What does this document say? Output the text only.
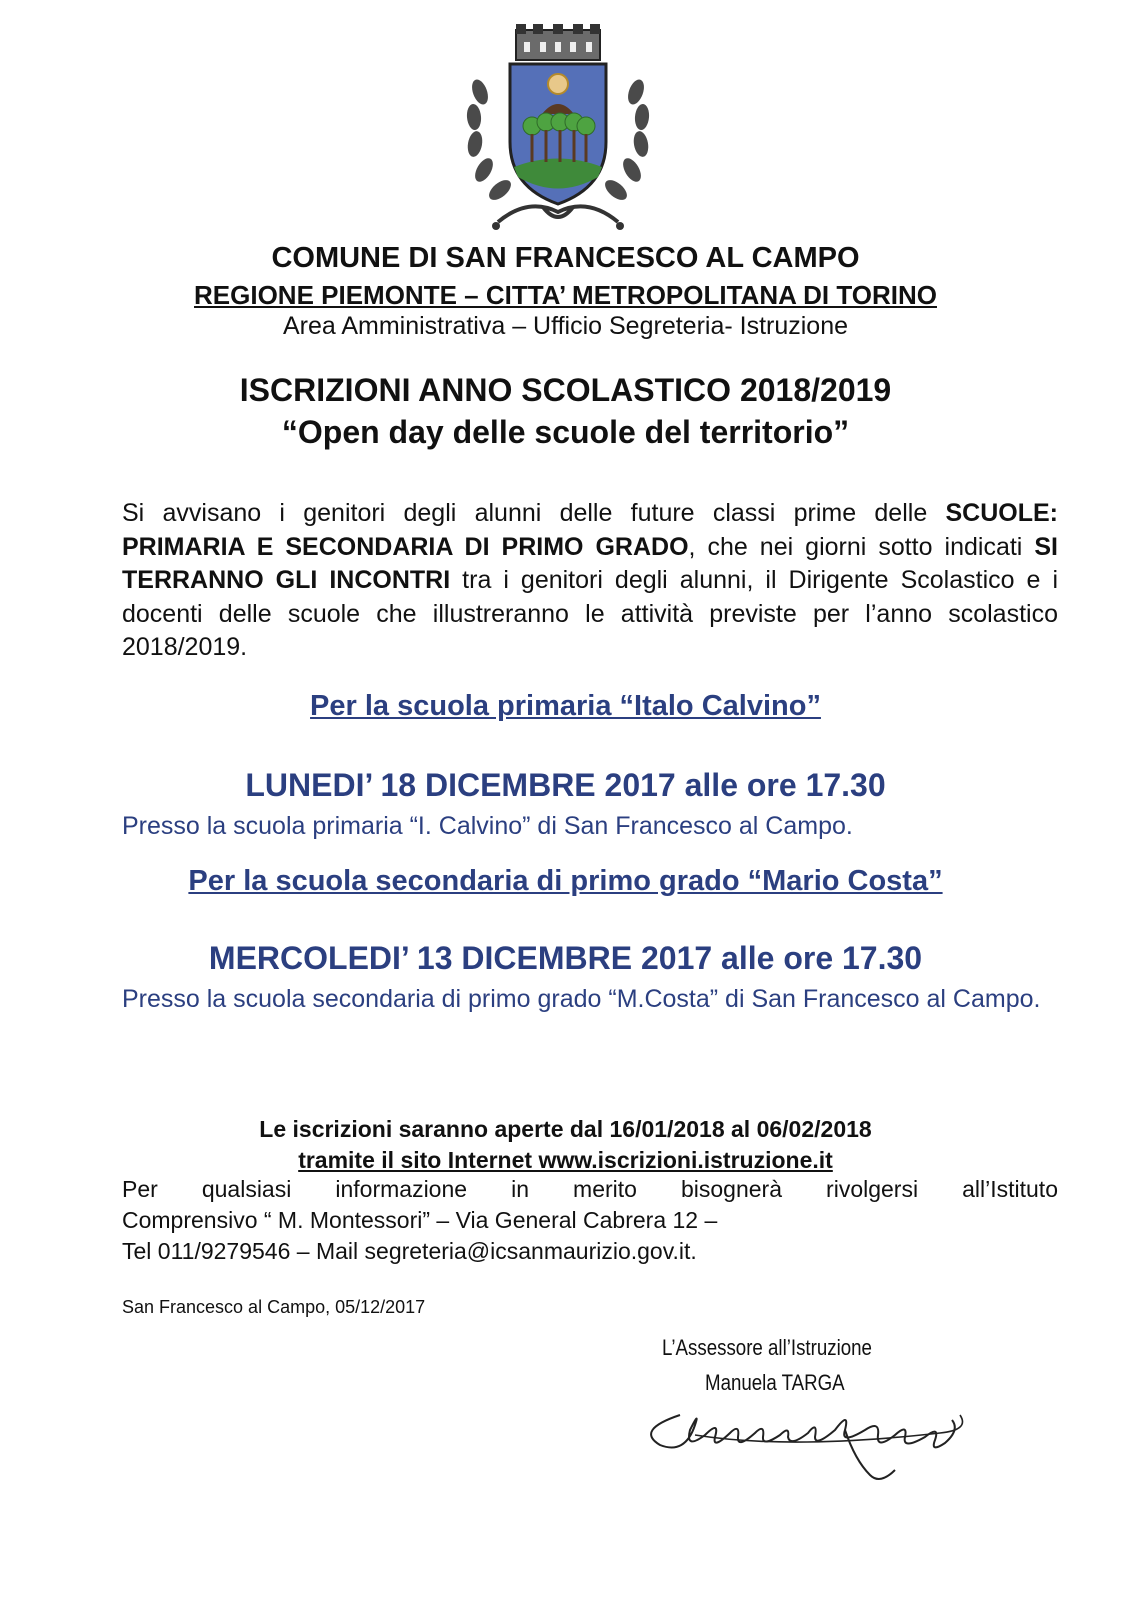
COMUNE DI SAN FRANCESCO AL CAMPO
REGIONE PIEMONTE – CITTA’ METROPOLITANA DI TORINO
Area Amministrativa – Ufficio Segreteria- Istruzione
ISCRIZIONI ANNO SCOLASTICO 2018/2019
“Open day delle scuole del territorio”
Si avvisano i genitori degli alunni delle future classi prime delle SCUOLE: PRIMARIA E SECONDARIA DI PRIMO GRADO, che nei giorni sotto indicati SI TERRANNO GLI INCONTRI tra i genitori degli alunni, il Dirigente Scolastico e i docenti delle scuole che illustreranno le attività previste per l’anno scolastico 2018/2019.
Per la scuola primaria “Italo Calvino”
LUNEDI’ 18 DICEMBRE 2017 alle ore 17.30
Presso la scuola primaria “I. Calvino” di San Francesco al Campo.
Per la scuola secondaria di primo grado “Mario Costa”
MERCOLEDI’ 13 DICEMBRE 2017 alle ore 17.30
Presso la scuola secondaria di primo grado “M.Costa” di San Francesco al Campo.
Le iscrizioni saranno aperte dal 16/01/2018 al 06/02/2018
tramite il sito Internet www.iscrizioni.istruzione.it
Per qualsiasi informazione in merito bisognerà rivolgersi all’Istituto
Comprensivo “ M. Montessori” – Via General Cabrera 12 –
Tel 011/9279546 – Mail segreteria@icsanmaurizio.gov.it.
San Francesco al Campo, 05/12/2017
L’Assessore all’Istruzione
Manuela TARGA
